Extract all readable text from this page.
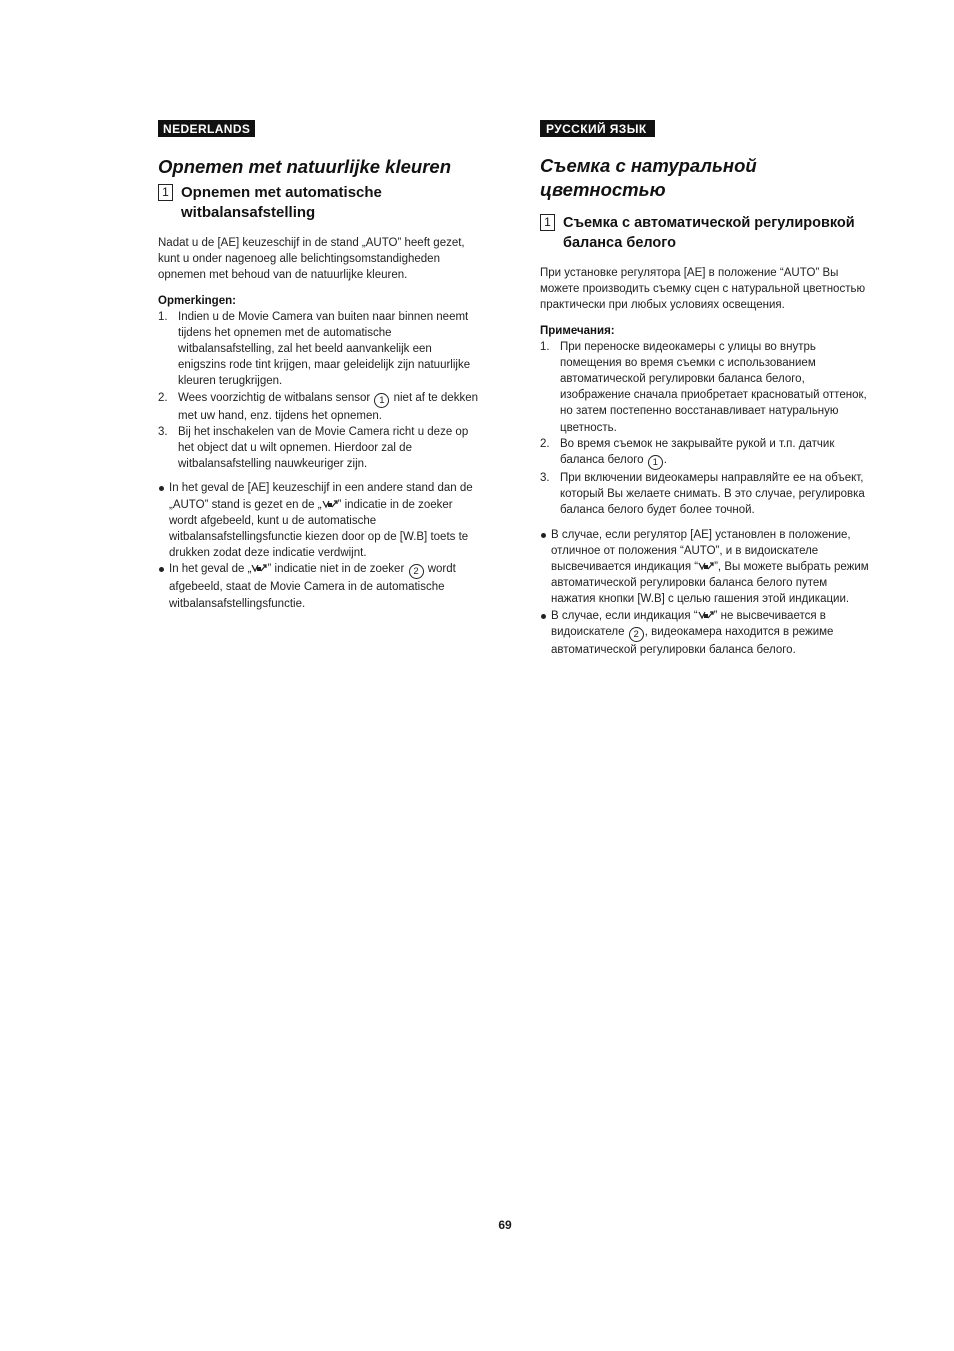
NEDERLANDS
Opnemen met natuurlijke kleuren
1 Opnemen met automatische witbalansafstelling

Nadat u de [AE] keuzeschijf in de stand „AUTO” heeft gezet, kunt u onder nagenoeg alle belichtingsomstandigheden opnemen met behoud van de natuurlijke kleuren.

Opmerkingen:
1. Indien u de Movie Camera van buiten naar binnen neemt tijdens het opnemen met de automatische witbalansafstelling, zal het beeld aanvankelijk een enigszins rode tint krijgen, maar geleidelijk zijn natuurlijke kleuren terugkrijgen.
2. Wees voorzichtig de witbalans sensor 1 niet af te dekken met uw hand, enz. tijdens het opnemen.
3. Bij het inschakelen van de Movie Camera richt u deze op het object dat u wilt opnemen. Hierdoor zal de witbalansafstelling nauwkeuriger zijn.
In het geval de [AE] keuzeschijf in een andere stand dan de „AUTO” stand is gezet en de „ ” indicatie in de zoeker wordt afgebeeld, kunt u de automatische witbalansafstellingsfunctie kiezen door op de [W.B] toets te drukken zodat deze indicatie verdwijnt.
In het geval de „ ” indicatie niet in de zoeker 2 wordt afgebeeld, staat de Movie Camera in de automatische witbalansafstellingsfunctie.
РУССКИЙ ЯЗЫК
Съемка с натуральной цветностью
1 Съемка с автоматической регулировкой баланса белого

При установке регулятора [AE] в положение “AUTO” Вы можете производить съемку сцен с натуральной цветностью практически при любых условиях освещения.

Примечания:
1. При переноске видеокамеры с улицы во внутрь помещения во время съемки с использованием автоматической регулировки баланса белого, изображение сначала приобретает красноватый оттенок, но затем постепенно восстанавливает натуральную цветность.
2. Во время съемок не закрывайте рукой и т.п. датчик баланса белого 1 .
3. При включении видеокамеры направляйте ее на объект, который Вы желаете снимать. В это случае, регулировка баланса белого будет более точной.
В случае, если регулятор [AE] установлен в положение, отличное от положения “AUTO”, и в видоискателе высвечивается индикация “ ”, Вы можете выбрать режим автоматической регулировки баланса белого путем нажатия кнопки [W.B] с целью гашения этой индикации.
В случае, если индикация “ ” не высвечивается в видоискателе 2 , видеокамера находится в режиме автоматической регулировки баланса белого.
69
